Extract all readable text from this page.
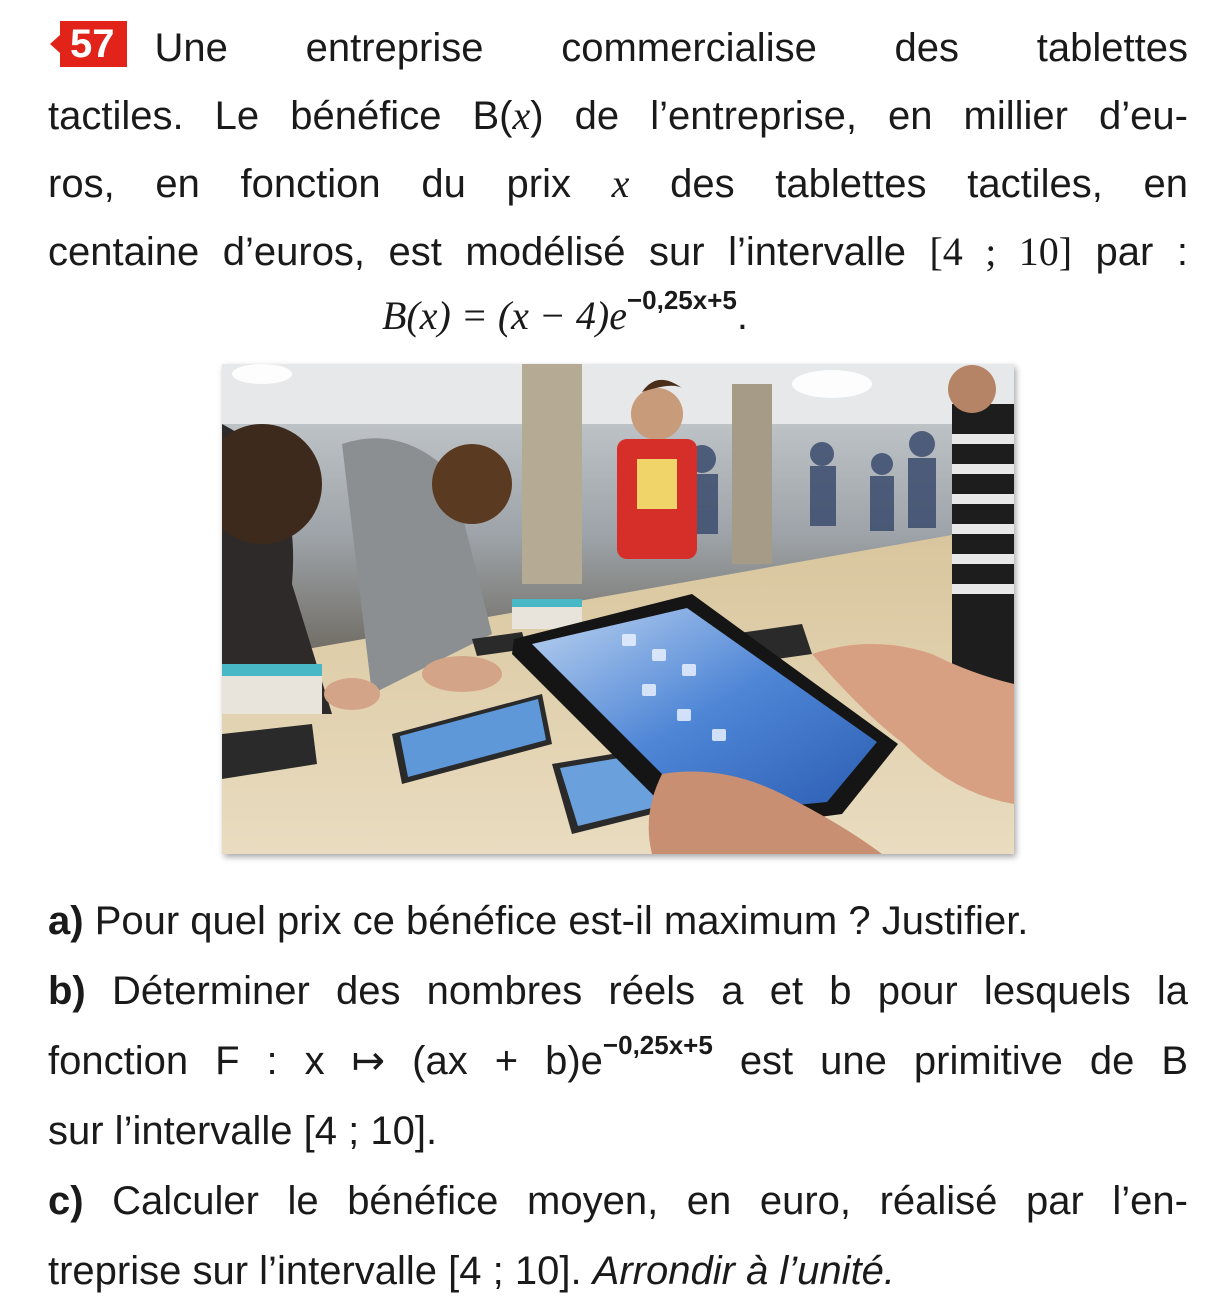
57 Une entreprise commercialise des tablettes
tactiles. Le bénéfice B(x) de l’entreprise, en millier d’eu-
ros, en fonction du prix x des tablettes tactiles, en
centaine d’euros, est modélisé sur l’intervalle [4 ; 10] par :
$B(x) = (x - 4)e^{-0,25x+5}$.
a) Pour quel prix ce bénéfice est-il maximum ? Justifier.
b) Déterminer des nombres réels a et b pour lesquels la
fonction F : x ↦ $(ax + b)e^{-0,25x+5}$ est une primitive de B
sur l’intervalle [4 ; 10].
c) Calculer le bénéfice moyen, en euro, réalisé par l’en-
treprise sur l’intervalle [4 ; 10]. Arrondir à l’unité.
